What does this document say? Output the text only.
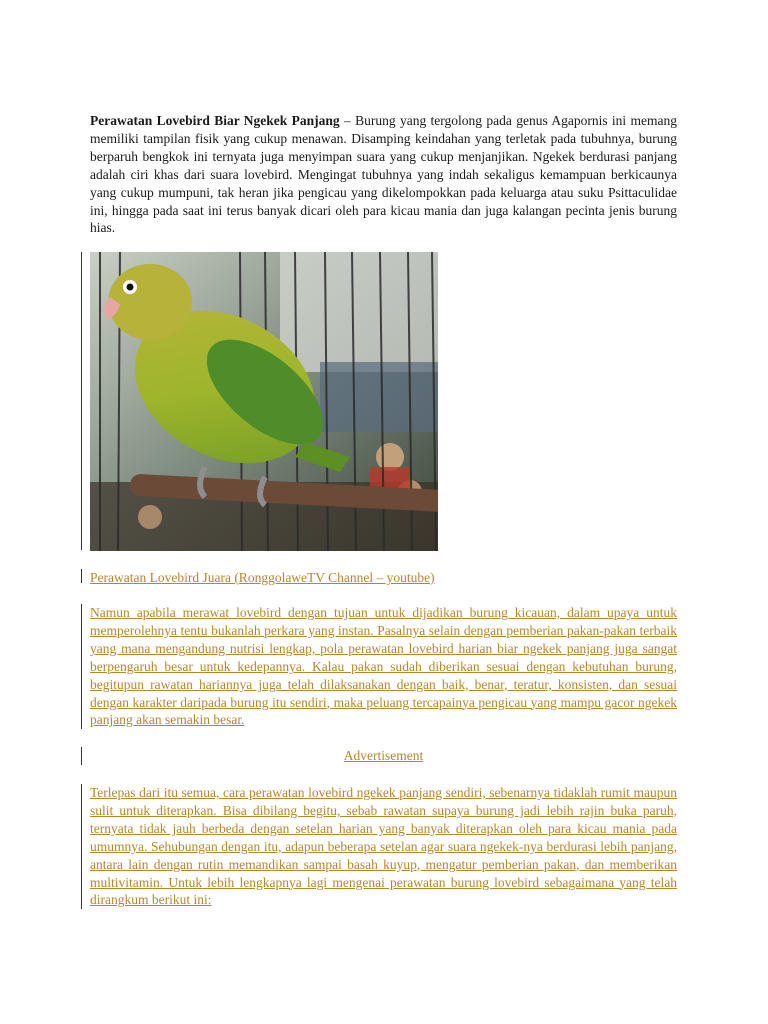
Perawatan Lovebird Biar Ngekek Panjang – Burung yang tergolong pada genus Agapornis ini memang memiliki tampilan fisik yang cukup menawan. Disamping keindahan yang terletak pada tubuhnya, burung berparuh bengkok ini ternyata juga menyimpan suara yang cukup menjanjikan. Ngekek berdurasi panjang adalah ciri khas dari suara lovebird. Mengingat tubuhnya yang indah sekaligus kemampuan berkicaunya yang cukup mumpuni, tak heran jika pengicau yang dikelompokkan pada keluarga atau suku Psittaculidae ini, hingga pada saat ini terus banyak dicari oleh para kicau mania dan juga kalangan pecinta jenis burung hias.

Perawatan Lovebird Juara (RonggolaweTV Channel – youtube)

Namun apabila merawat lovebird dengan tujuan untuk dijadikan burung kicauan, dalam upaya untuk memperolehnya tentu bukanlah perkara yang instan. Pasalnya selain dengan pemberian pakan-pakan terbaik yang mana mengandung nutrisi lengkap, pola perawatan lovebird harian biar ngekek panjang juga sangat berpengaruh besar untuk kedepannya. Kalau pakan sudah diberikan sesuai dengan kebutuhan burung, begitupun rawatan hariannya juga telah dilaksanakan dengan baik, benar, teratur, konsisten, dan sesuai dengan karakter daripada burung itu sendiri, maka peluang tercapainya pengicau yang mampu gacor ngekek panjang akan semakin besar.

Advertisement

Terlepas dari itu semua, cara perawatan lovebird ngekek panjang sendiri, sebenarnya tidaklah rumit maupun sulit untuk diterapkan. Bisa dibilang begitu, sebab rawatan supaya burung jadi lebih rajin buka paruh, ternyata tidak jauh berbeda dengan setelan harian yang banyak diterapkan oleh para kicau mania pada umumnya. Sehubungan dengan itu, adapun beberapa setelan agar suara ngekek-nya berdurasi lebih panjang, antara lain dengan rutin memandikan sampai basah kuyup, mengatur pemberian pakan, dan memberikan multivitamin. Untuk lebih lengkapnya lagi mengenai perawatan burung lovebird sebagaimana yang telah dirangkum berikut ini:
